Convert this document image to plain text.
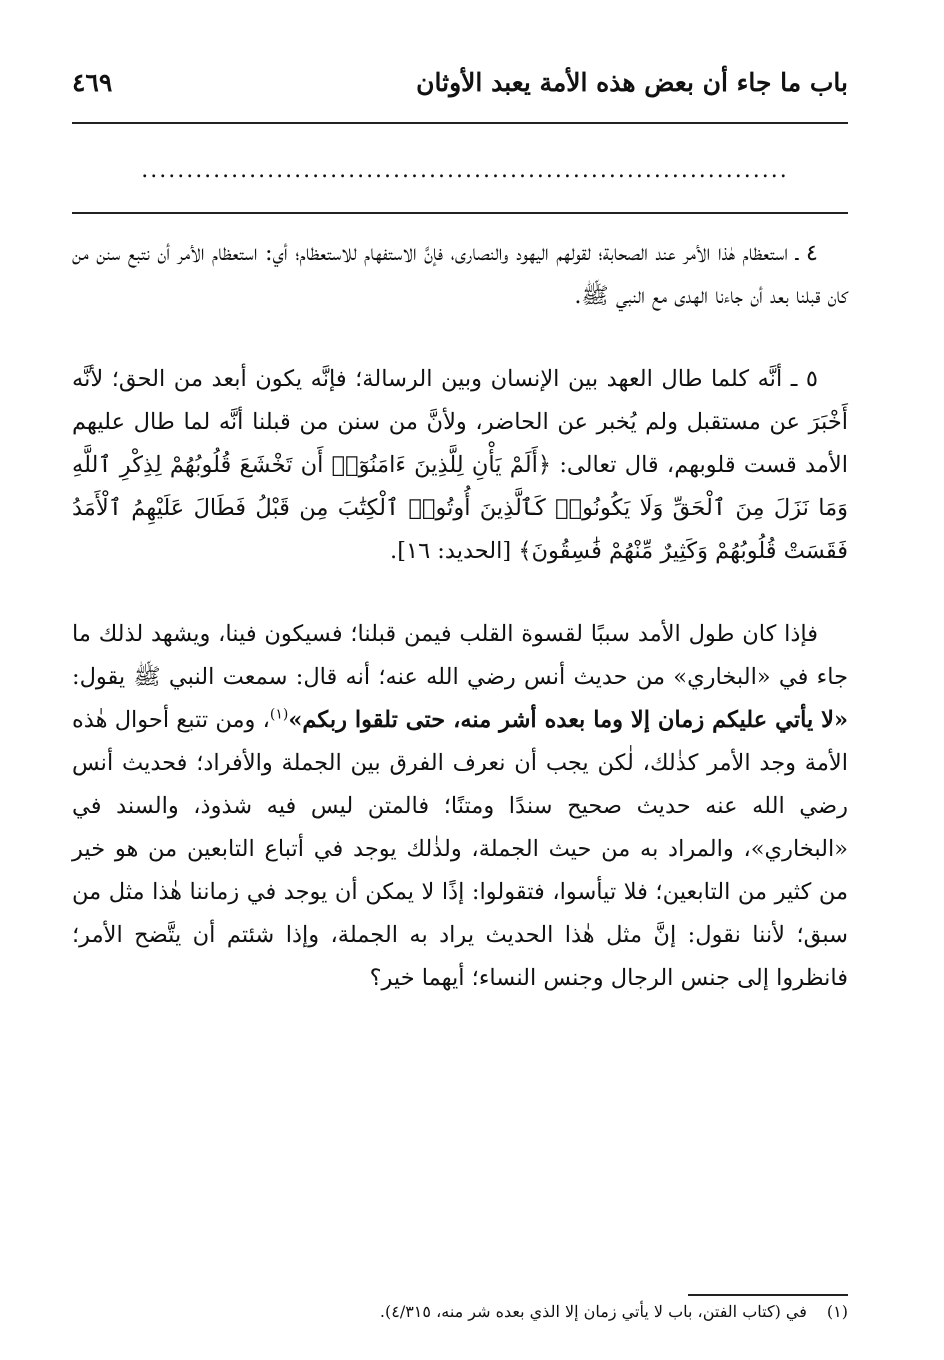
باب ما جاء أن بعض هذه الأمة يعبد الأوثان
٤٦٩
........................................................................

٤ ـ استعظام هٰذا الأمر عند الصحابة؛ لقولهم اليهود والنصارى، فإنَّ الاستفهام للاستعظام؛ أي: استعظام الأمر أن نتبع سنن من كان قبلنا بعد أن جاءنا الهدى مع النبي ﷺ.

٥ ـ أنَّه كلما طال العهد بين الإنسان وبين الرسالة؛ فإنَّه يكون أبعد من الحق؛ لأنَّه أَخْبَرَ عن مستقبل ولم يُخبر عن الحاضر، ولأنَّ من سنن من قبلنا أنَّه لما طال عليهم الأمد قست قلوبهم، قال تعالى: ﴿أَلَمْ يَأْنِ لِلَّذِينَ ءَامَنُوٓا۟ أَن تَخْشَعَ قُلُوبُهُمْ لِذِكْرِ ٱللَّهِ وَمَا نَزَلَ مِنَ ٱلْحَقِّ وَلَا يَكُونُوا۟ كَٱلَّذِينَ أُوتُوا۟ ٱلْكِتَٰبَ مِن قَبْلُ فَطَالَ عَلَيْهِمُ ٱلْأَمَدُ فَقَسَتْ قُلُوبُهُمْ وَكَثِيرٌ مِّنْهُمْ فَٰسِقُونَ﴾ [الحديد: ١٦].

فإذا كان طول الأمد سببًا لقسوة القلب فيمن قبلنا؛ فسيكون فينا، ويشهد لذلك ما جاء في «البخاري» من حديث أنس رضي الله عنه؛ أنه قال: سمعت النبي ﷺ يقول: «لا يأتي عليكم زمان إلا وما بعده أشر منه، حتى تلقوا ربكم»$^{(١)}$، ومن تتبع أحوال هٰذه الأمة وجد الأمر كذٰلك، لٰكن يجب أن نعرف الفرق بين الجملة والأفراد؛ فحديث أنس رضي الله عنه حديث صحيح سندًا ومتنًا؛ فالمتن ليس فيه شذوذ، والسند في «البخاري»، والمراد به من حيث الجملة، ولذٰلك يوجد في أتباع التابعين من هو خير من كثير من التابعين؛ فلا تيأسوا، فتقولوا: إذًا لا يمكن أن يوجد في زماننا هٰذا مثل من سبق؛ لأننا نقول: إنَّ مثل هٰذا الحديث يراد به الجملة، وإذا شئتم أن يتَّضح الأمر؛ فانظروا إلى جنس الرجال وجنس النساء؛ أيهما خير؟

(١)في (كتاب الفتن، باب لا يأتي زمان إلا الذي بعده شر منه، ٤/٣١٥).
